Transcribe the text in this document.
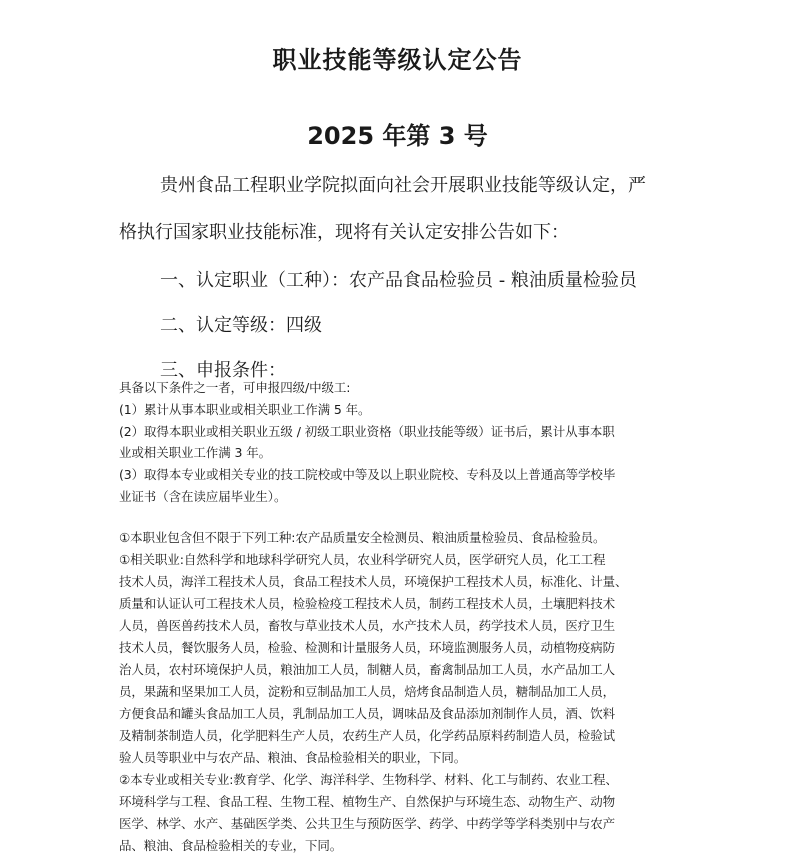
职业技能等级认定公告
2025 年第 3 号
贵州食品工程职业学院拟面向社会开展职业技能等级认定，严
格执行国家职业技能标准，现将有关认定安排公告如下：
一、认定职业（工种）：农产品食品检验员 - 粮油质量检验员
二、认定等级：四级
三、申报条件：
具备以下条件之一者，可申报四级/中级工:
(1）累计从事本职业或相关职业工作满 5 年。
(2）取得本职业或相关职业五级 / 初级工职业资格（职业技能等级）证书后，累计从事本职
业或相关职业工作满 3 年。
(3）取得本专业或相关专业的技工院校或中等及以上职业院校、专科及以上普通高等学校毕
业证书（含在读应届毕业生）。
①本职业包含但不限于下列工种:农产品质量安全检测员、粮油质量检验员、食品检验员。
①相关职业:自然科学和地球科学研究人员，农业科学研究人员，医学研究人员，化工工程
技术人员，海洋工程技术人员，食品工程技术人员，环境保护工程技术人员，标准化、计量、
质量和认证认可工程技术人员，检验检疫工程技术人员，制药工程技术人员，土壤肥料技术
人员，兽医兽药技术人员，畜牧与草业技术人员，水产技术人员，药学技术人员，医疗卫生
技术人员，餐饮服务人员，检验、检测和计量服务人员，环境监测服务人员，动植物疫病防
治人员，农村环境保护人员，粮油加工人员，制糖人员，畜禽制品加工人员，水产品加工人
员，果蔬和坚果加工人员，淀粉和豆制品加工人员，焙烤食品制造人员，糖制品加工人员，
方便食品和罐头食品加工人员，乳制品加工人员，调味品及食品添加剂制作人员，酒、饮料
及精制茶制造人员，化学肥料生产人员，农药生产人员，化学药品原料药制造人员，检验试
验人员等职业中与农产品、粮油、食品检验相关的职业，下同。
②本专业或相关专业:教育学、化学、海洋科学、生物科学、材料、化工与制药、农业工程、
环境科学与工程、食品工程、生物工程、植物生产、自然保护与环境生态、动物生产、动物
医学、林学、水产、基础医学类、公共卫生与预防医学、药学、中药学等学科类别中与农产
品、粮油、食品检验相关的专业，下同。
